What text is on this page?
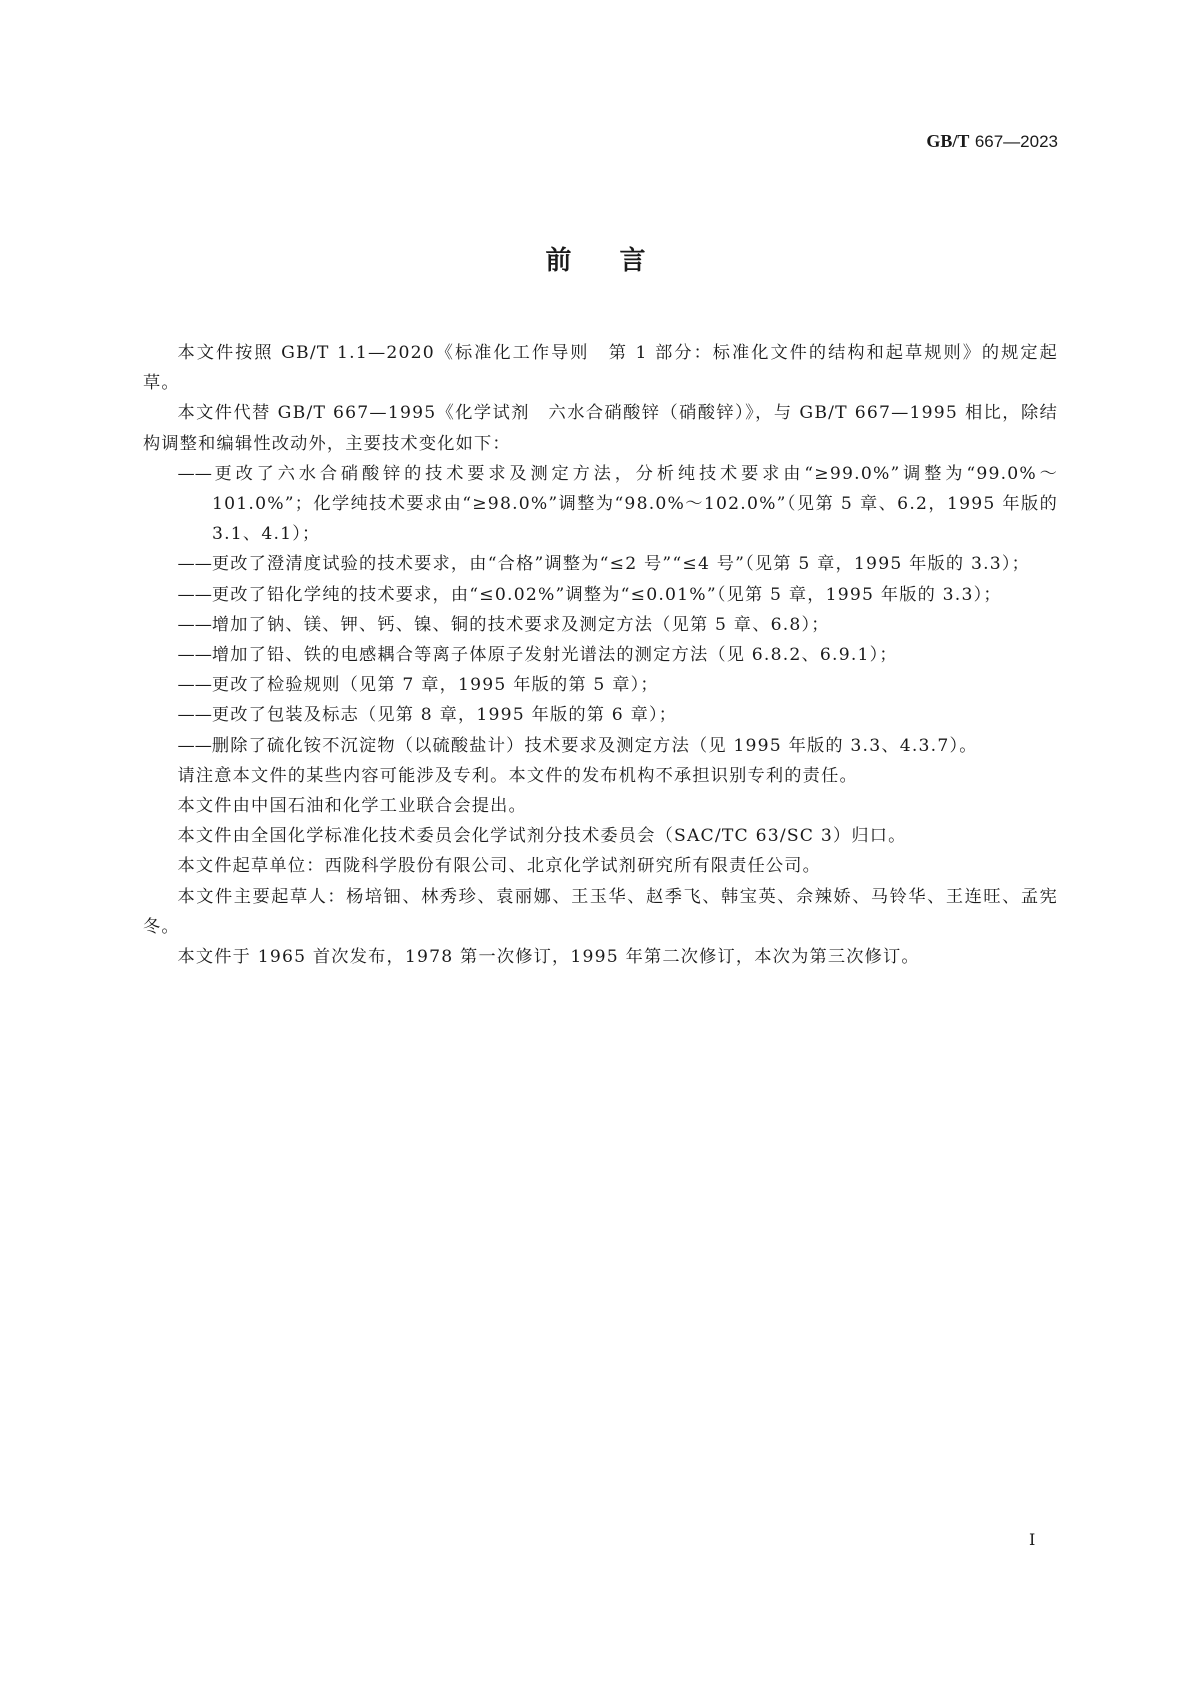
GB/T 667—2023
前言

本文件按照 GB/T 1.1—2020《标准化工作导则　第 1 部分：标准化文件的结构和起草规则》的规定起草。

本文件代替 GB/T 667—1995《化学试剂　六水合硝酸锌（硝酸锌）》，与 GB/T 667—1995 相比，除结构调整和编辑性改动外，主要技术变化如下：

——更改了六水合硝酸锌的技术要求及测定方法，分析纯技术要求由“≥99.0%”调整为“99.0%～101.0%”；化学纯技术要求由“≥98.0%”调整为“98.0%～102.0%”（见第 5 章、6.2，1995 年版的 3.1、4.1）；

——更改了澄清度试验的技术要求，由“合格”调整为“≤2 号”“≤4 号”（见第 5 章，1995 年版的 3.3）；

——更改了铅化学纯的技术要求，由“≤0.02%”调整为“≤0.01%”（见第 5 章，1995 年版的 3.3）；

——增加了钠、镁、钾、钙、镍、铜的技术要求及测定方法（见第 5 章、6.8）；

——增加了铅、铁的电感耦合等离子体原子发射光谱法的测定方法（见 6.8.2、6.9.1）；

——更改了检验规则（见第 7 章，1995 年版的第 5 章）；

——更改了包装及标志（见第 8 章，1995 年版的第 6 章）；

——删除了硫化铵不沉淀物（以硫酸盐计）技术要求及测定方法（见 1995 年版的 3.3、4.3.7）。

请注意本文件的某些内容可能涉及专利。本文件的发布机构不承担识别专利的责任。

本文件由中国石油和化学工业联合会提出。

本文件由全国化学标准化技术委员会化学试剂分技术委员会（SAC/TC 63/SC 3）归口。

本文件起草单位：西陇科学股份有限公司、北京化学试剂研究所有限责任公司。

本文件主要起草人：杨培钿、林秀珍、袁丽娜、王玉华、赵季飞、韩宝英、佘辣娇、马铃华、王连旺、孟宪冬。

本文件于 1965 首次发布，1978 第一次修订，1995 年第二次修订，本次为第三次修订。

I
